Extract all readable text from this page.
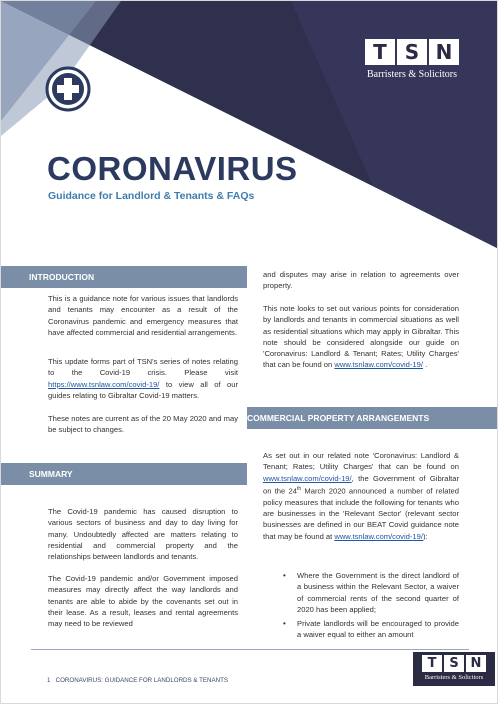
T S N
Barristers & Solicitors
CORONAVIRUS
Guidance for Landlord & Tenants & FAQs
INTRODUCTION
This is a guidance note for various issues that landlords and tenants may encounter as a result of the Coronavirus pandemic and emergency measures that have affected commercial and residential arrangements.
This update forms part of TSN's series of notes relating to the Covid-19 crisis. Please visit https://www.tsnlaw.com/covid-19/ to view all of our guides relating to Gibraltar Covid-19 matters.
These notes are current as of the 20 May 2020 and may be subject to changes.
SUMMARY
The Covid-19 pandemic has caused disruption to various sectors of business and day to day living for many. Undoubtedly affected are matters relating to residential and commercial property and the relationships between landlords and tenants.
The Covid-19 pandemic and/or Government imposed measures may directly affect the way landlords and tenants are able to abide by the covenants set out in their lease. As a result, leases and rental agreements may need to be reviewed
and disputes may arise in relation to agreements over property.
This note looks to set out various points for consideration by landlords and tenants in commercial situations as well as residential situations which may apply in Gibraltar. This note should be considered alongside our guide on 'Coronavirus: Landlord & Tenant; Rates; Utility Charges' that can be found on www.tsnlaw.com/covid-19/ .
COMMERCIAL PROPERTY ARRANGEMENTS
As set out in our related note 'Coronavirus: Landlord & Tenant; Rates; Utility Charges' that can be found on www.tsnlaw.com/covid-19/, the Government of Gibraltar on the 24th March 2020 announced a number of related policy measures that include the following for tenants who are businesses in the 'Relevant Sector' (relevant sector businesses are defined in our BEAT Covid guidance note that may be found at www.tsnlaw.com/covid-19/):
• Where the Government is the direct landlord of a business within the Relevant Sector, a waiver of commercial rents of the second quarter of 2020 has been applied;
• Private landlords will be encouraged to provide a waiver equal to either an amount
1 CORONAVIRUS: GUIDANCE FOR LANDLORDS & TENANTS
T S N
Barristers & Solicitors
